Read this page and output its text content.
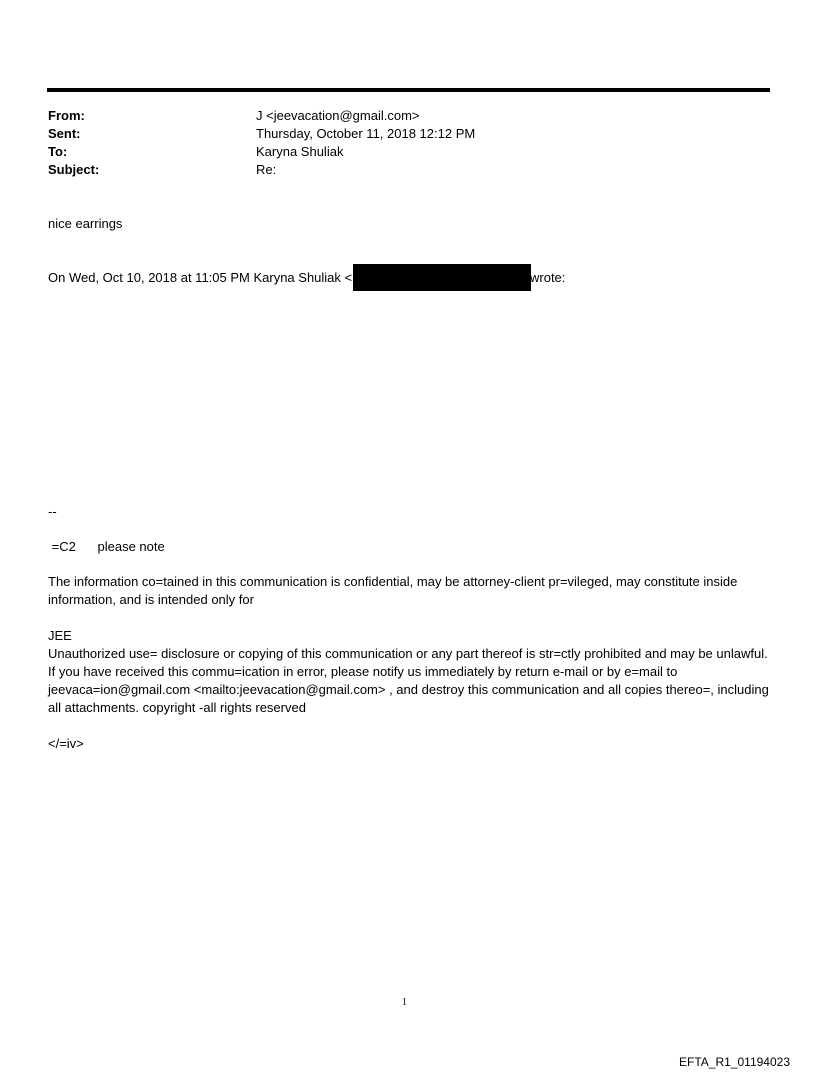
From:	J <jeevacation@gmail.com>
Sent:	Thursday, October 11, 2018 12:12 PM
To:	Karyna Shuliak
Subject:	Re:
nice earrings
On Wed, Oct 10, 2018 at 11:05 PM Karyna Shuliak <	wrote:
--
=C2      please note
The information co=tained in this communication is confidential, may be attorney-client pr=vileged, may constitute inside information, and is intended only for
JEE
Unauthorized use= disclosure or copying of this communication or any part thereof is str=ctly prohibited and may be unlawful. If you have received this commu=ication in error, please notify us immediately by return e-mail or by e=mail to jeevaca=ion@gmail.com <mailto:jeevacation@gmail.com> , and destroy this communication and all copies thereo=, including all attachments. copyright -all rights reserved
</=iv>
1
EFTA_R1_01194023
